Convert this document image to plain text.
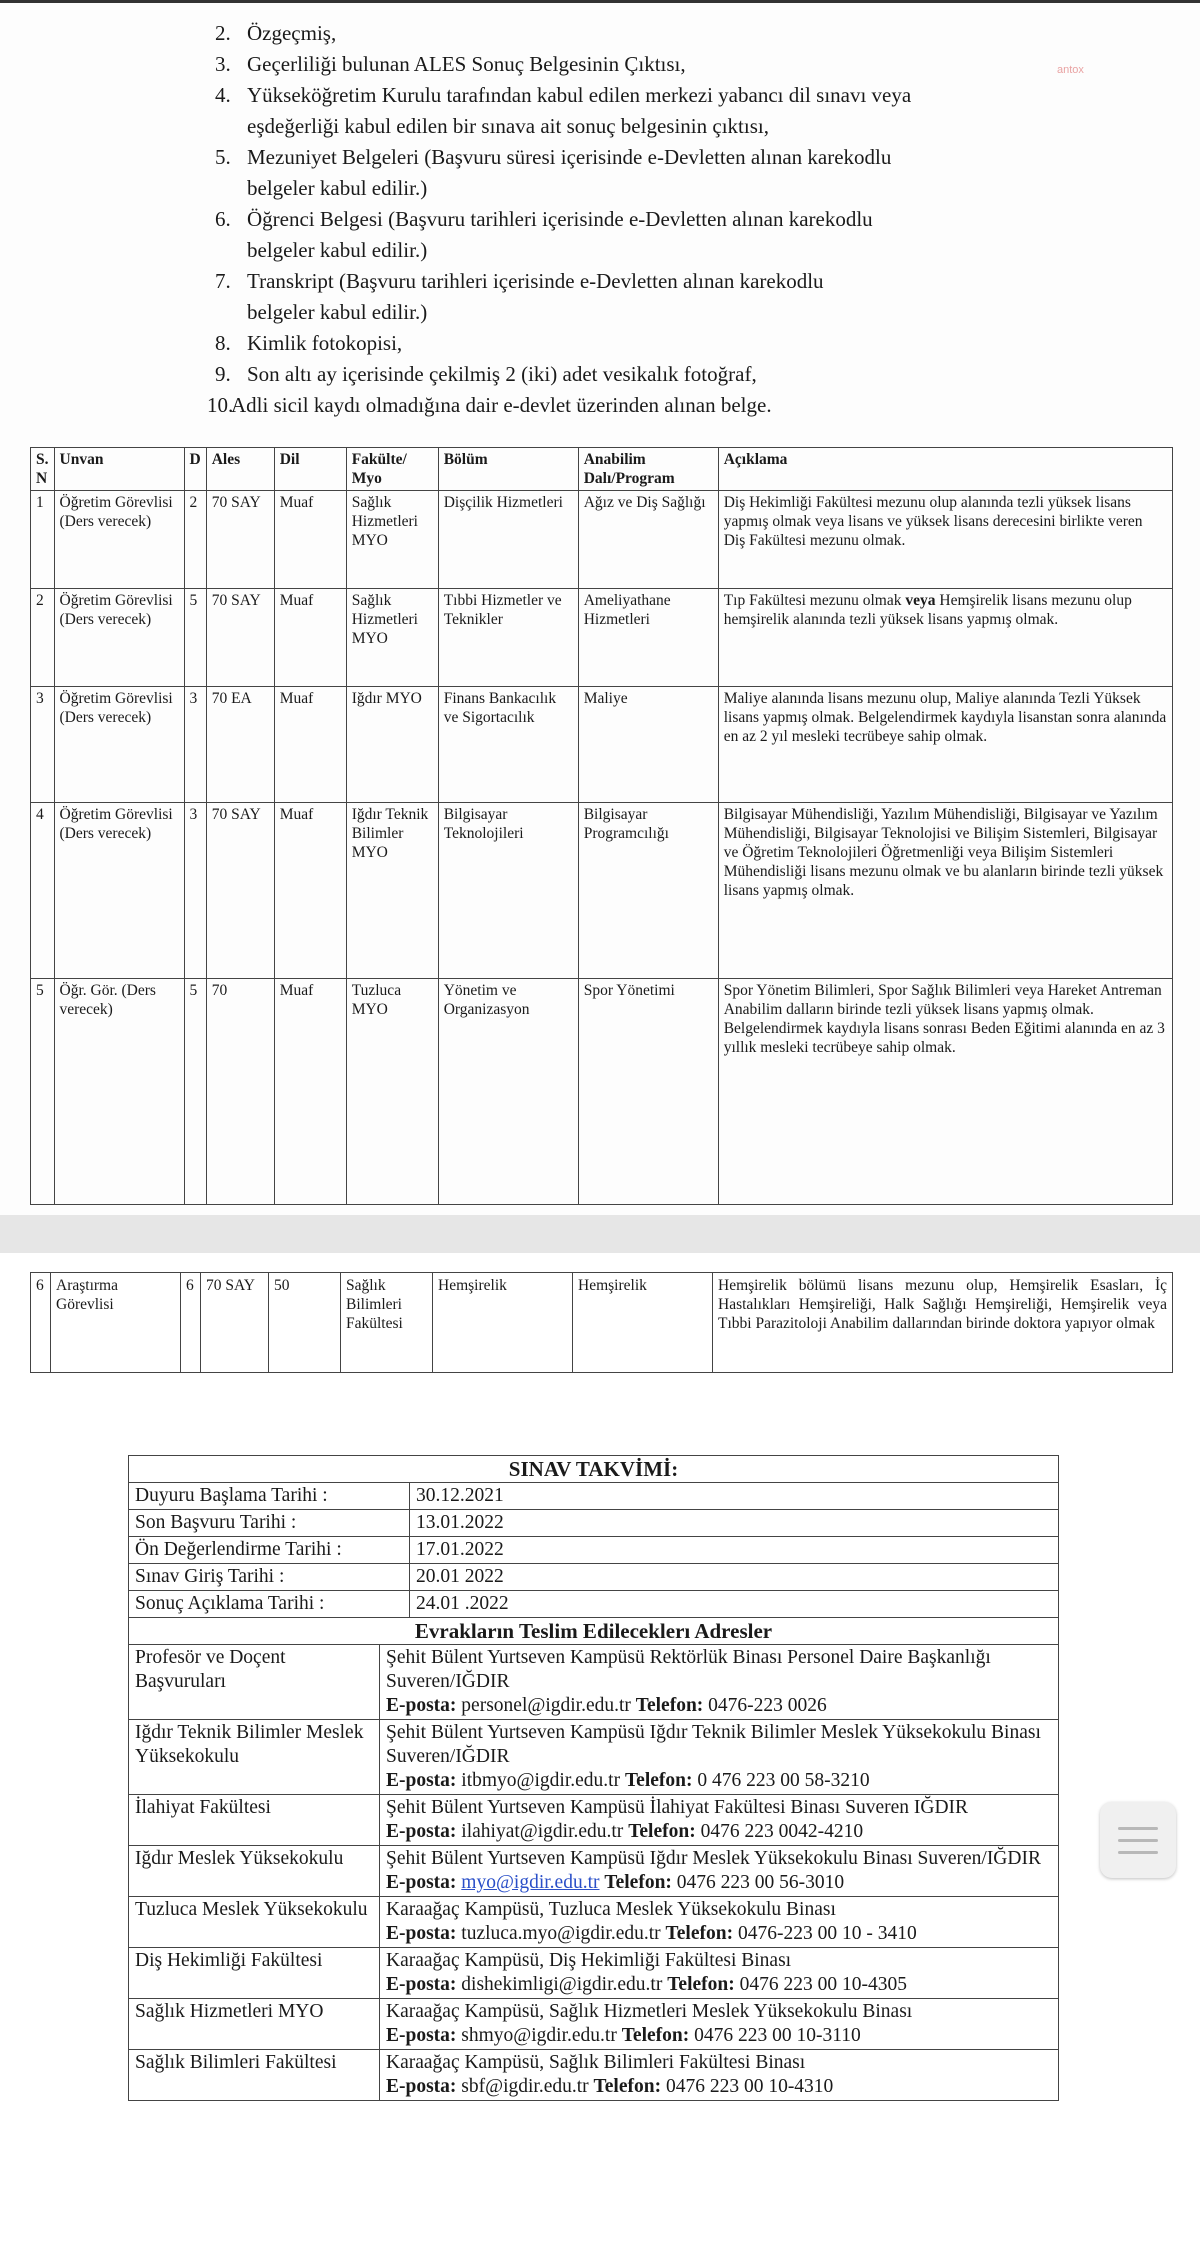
antox
2. Özgeçmiş,
3. Geçerliliği bulunan ALES Sonuç Belgesinin Çıktısı,
4. Yükseköğretim Kurulu tarafından kabul edilen merkezi yabancı dil sınavı veya
eşdeğerliği kabul edilen bir sınava ait sonuç belgesinin çıktısı,
5. Mezuniyet Belgeleri (Başvuru süresi içerisinde e-Devletten alınan karekodlu
belgeler kabul edilir.)
6. Öğrenci Belgesi (Başvuru tarihleri içerisinde e-Devletten alınan karekodlu
belgeler kabul edilir.)
7. Transkript (Başvuru tarihleri içerisinde e-Devletten alınan karekodlu
belgeler kabul edilir.)
8. Kimlik fotokopisi,
9. Son altı ay içerisinde çekilmiş 2 (iki) adet vesikalık fotoğraf,
10.
Adli sicil kaydı olmadığına dair e-devlet üzerinden alınan belge.
S. N	Unvan	D	Ales	Dil	Fakülte/ Myo	Bölüm	Anabilim Dalı/Program	Açıklama
1	Öğretim Görevlisi (Ders verecek)	2	70 SAY	Muaf	Sağlık Hizmetleri MYO	Dişçilik Hizmetleri	Ağız ve Diş Sağlığı	Diş Hekimliği Fakültesi mezunu olup alanında tezli yüksek lisans yapmış olmak veya lisans ve yüksek lisans derecesini birlikte veren Diş Fakültesi mezunu olmak.
2	Öğretim Görevlisi (Ders verecek)	5	70 SAY	Muaf	Sağlık Hizmetleri MYO	Tıbbi Hizmetler ve Teknikler	Ameliyathane Hizmetleri	Tıp Fakültesi mezunu olmak veya Hemşirelik lisans mezunu olup hemşirelik alanında tezli yüksek lisans yapmış olmak.
3	Öğretim Görevlisi (Ders verecek)	3	70 EA	Muaf	Iğdır MYO	Finans Bankacılık ve Sigortacılık	Maliye	Maliye alanında lisans mezunu olup, Maliye alanında Tezli Yüksek lisans yapmış olmak. Belgelendirmek kaydıyla lisanstan sonra alanında en az 2 yıl mesleki tecrübeye sahip olmak.
4	Öğretim Görevlisi (Ders verecek)	3	70 SAY	Muaf	Iğdır Teknik Bilimler MYO	Bilgisayar Teknolojileri	Bilgisayar Programcılığı	Bilgisayar Mühendisliği, Yazılım Mühendisliği, Bilgisayar ve Yazılım Mühendisliği, Bilgisayar Teknolojisi ve Bilişim Sistemleri, Bilgisayar ve Öğretim Teknolojileri Öğretmenliği veya Bilişim Sistemleri Mühendisliği lisans mezunu olmak ve bu alanların birinde tezli yüksek lisans yapmış olmak.
5	Öğr. Gör. (Ders verecek)	5	70	Muaf	Tuzluca MYO	Yönetim ve Organizasyon	Spor Yönetimi	Spor Yönetim Bilimleri, Spor Sağlık Bilimleri veya Hareket Antreman Anabilim dalların birinde tezli yüksek lisans yapmış olmak. Belgelendirmek kaydıyla lisans sonrası Beden Eğitimi alanında en az 3 yıllık mesleki tecrübeye sahip olmak.
6	Araştırma Görevlisi	6	70 SAY	50	Sağlık Bilimleri Fakültesi	Hemşirelik	Hemşirelik	Hemşirelik bölümü lisans mezunu olup, Hemşirelik Esasları, İç Hastalıkları Hemşireliği, Halk Sağlığı Hemşireliği, Hemşirelik veya Tıbbi Parazitoloji Anabilim dallarından birinde doktora yapıyor olmak
SINAV TAKVİMİ:		
Duyuru Başlama Tarihi :		30.12.2021
Son Başvuru Tarihi :		13.01.2022
Ön Değerlendirme Tarihi :		17.01.2022
Sınav Giriş Tarihi :		20.01 2022
Sonuç Açıklama Tarihi :		24.01 .2022
Evrakların Teslim Edileceklerı Adresler		
Profesör ve Doçent Başvuruları	Şehit Bülent Yurtseven Kampüsü Rektörlük Binası Personel Daire Başkanlığı Suveren/IĞDIR
E-posta: personel@igdir.edu.tr Telefon: 0476-223 0026	
Iğdır Teknik Bilimler Meslek Yüksekokulu	Şehit Bülent Yurtseven Kampüsü Iğdır Teknik Bilimler Meslek Yüksekokulu Binası Suveren/IĞDIR
E-posta: itbmyo@igdir.edu.tr Telefon: 0 476 223 00 58-3210	
İlahiyat Fakültesi	Şehit Bülent Yurtseven Kampüsü İlahiyat Fakültesi Binası Suveren IĞDIR
E-posta: ilahiyat@igdir.edu.tr Telefon: 0476 223 0042-4210	
Iğdır Meslek Yüksekokulu	Şehit Bülent Yurtseven Kampüsü Iğdır Meslek Yüksekokulu Binası Suveren/IĞDIR
E-posta: myo@igdir.edu.tr Telefon: 0476 223 00 56-3010	
Tuzluca Meslek Yüksekokulu	Karaağaç Kampüsü, Tuzluca Meslek Yüksekokulu Binası
E-posta: tuzluca.myo@igdir.edu.tr Telefon: 0476-223 00 10 - 3410	
Diş Hekimliği Fakültesi	Karaağaç Kampüsü, Diş Hekimliği Fakültesi Binası
E-posta: dishekimligi@igdir.edu.tr Telefon: 0476 223 00 10-4305	
Sağlık Hizmetleri MYO	Karaağaç Kampüsü, Sağlık Hizmetleri Meslek Yüksekokulu Binası
E-posta: shmyo@igdir.edu.tr Telefon: 0476 223 00 10-3110	
Sağlık Bilimleri Fakültesi	Karaağaç Kampüsü, Sağlık Bilimleri Fakültesi Binası
E-posta: sbf@igdir.edu.tr Telefon: 0476 223 00 10-4310	
